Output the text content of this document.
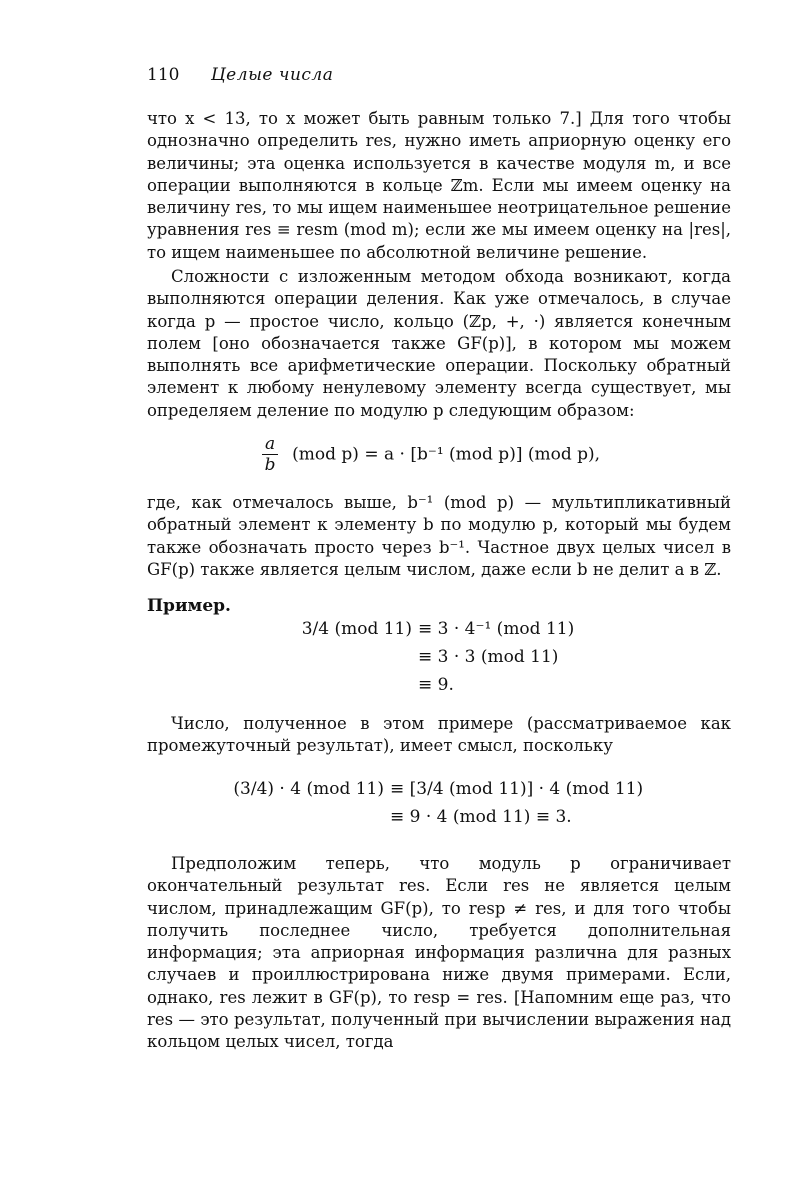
110 Целые числа
что x < 13, то x может быть равным только 7.] Для того чтобы однозначно определить res, нужно иметь априорную оценку его величины; эта оценка используется в качестве модуля m, и все операции выполняются в кольце ℤm. Если мы имеем оценку на величину res, то мы ищем наименьшее неотрицательное решение уравнения res ≡ resm (mod m); если же мы имеем оценку на |res|, то ищем наименьшее по абсолютной величине решение.
Сложности с изложенным методом обхода возникают, когда выполняются операции деления. Как уже отмечалось, в случае когда p — простое число, кольцо (ℤp, +, ·) является конечным полем [оно обозначается также GF(p)], в котором мы можем выполнять все арифметические операции. Поскольку обратный элемент к любому ненулевому элементу всегда существует, мы определяем деление по модулю p следующим образом:
$\frac{a}{b} (mod$ p) = a · [b⁻¹ (mod p)] (mod p),
где, как отмечалось выше, b⁻¹ (mod p) — мультипликативный обратный элемент к элементу b по модулю p, который мы будем также обозначать просто через b⁻¹. Частное двух целых чисел в GF(p) также является целым числом, даже если b не делит a в ℤ.
Пример.
3/4 (mod 11) ≡ 3 · 4⁻¹ (mod 11)
≡ 3 · 3 (mod 11)
≡ 9.
Число, полученное в этом примере (рассматриваемое как промежуточный результат), имеет смысл, поскольку
(3/4) · 4 (mod 11) ≡ [3/4 (mod 11)] · 4 (mod 11)
≡ 9 · 4 (mod 11) ≡ 3.
Предположим теперь, что модуль p ограничивает окончательный результат res. Если res не является целым числом, принадлежащим GF(p), то resp ≠ res, и для того чтобы получить последнее число, требуется дополнительная информация; эта априорная информация различна для разных случаев и проиллюстрирована ниже двумя примерами. Если, однако, res лежит в GF(p), то resp = res. [Напомним еще раз, что res — это результат, полученный при вычислении выражения над кольцом целых чисел, тогда
